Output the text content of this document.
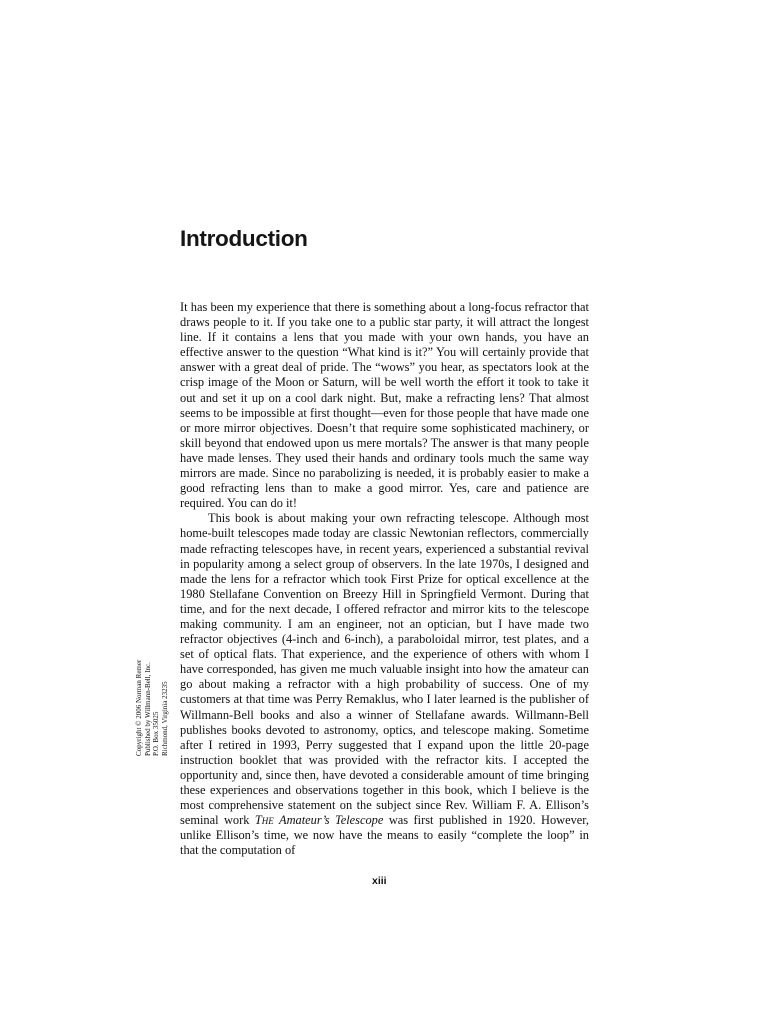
Introduction

It has been my experience that there is something about a long-focus refractor that draws people to it. If you take one to a public star party, it will attract the longest line. If it contains a lens that you made with your own hands, you have an effective answer to the question “What kind is it?” You will certainly provide that answer with a great deal of pride. The “wows” you hear, as spectators look at the crisp image of the Moon or Saturn, will be well worth the effort it took to take it out and set it up on a cool dark night. But, make a refracting lens? That almost seems to be impossible at first thought—even for those people that have made one or more mirror objectives. Doesn’t that require some sophisticated machinery, or skill beyond that endowed upon us mere mortals? The answer is that many people have made lenses. They used their hands and ordinary tools much the same way mirrors are made. Since no parabolizing is needed, it is probably easier to make a good refracting lens than to make a good mirror. Yes, care and patience are required. You can do it!

This book is about making your own refracting telescope. Although most home-built telescopes made today are classic Newtonian reflectors, commercially made refracting telescopes have, in recent years, experienced a substantial revival in popularity among a select group of observers. In the late 1970s, I designed and made the lens for a refractor which took First Prize for optical excellence at the 1980 Stellafane Convention on Breezy Hill in Springfield Vermont. During that time, and for the next decade, I offered refractor and mirror kits to the telescope making community. I am an engineer, not an optician, but I have made two refractor objectives (4-inch and 6-inch), a paraboloidal mirror, test plates, and a set of optical flats. That experience, and the experience of others with whom I have corresponded, has given me much valuable insight into how the amateur can go about making a refractor with a high probability of success. One of my customers at that time was Perry Remaklus, who I later learned is the publisher of Willmann-Bell books and also a winner of Stellafane awards. Willmann-Bell publishes books devoted to astronomy, optics, and telescope making. Sometime after I retired in 1993, Perry suggested that I expand upon the little 20-page instruction booklet that was provided with the refractor kits. I accepted the opportunity and, since then, have devoted a considerable amount of time bringing these experiences and observations together in this book, which I believe is the most comprehensive statement on the subject since Rev. William F. A. Ellison’s seminal work The Amateur’s Telescope was first published in 1920. However, unlike Ellison’s time, we now have the means to easily “complete the loop” in that the computation of

Copyright © 2006 Norman Remer Published by Willmann-Bell, Inc. P.O. Box 35025 Richmond, Virginia 23235
xiii
